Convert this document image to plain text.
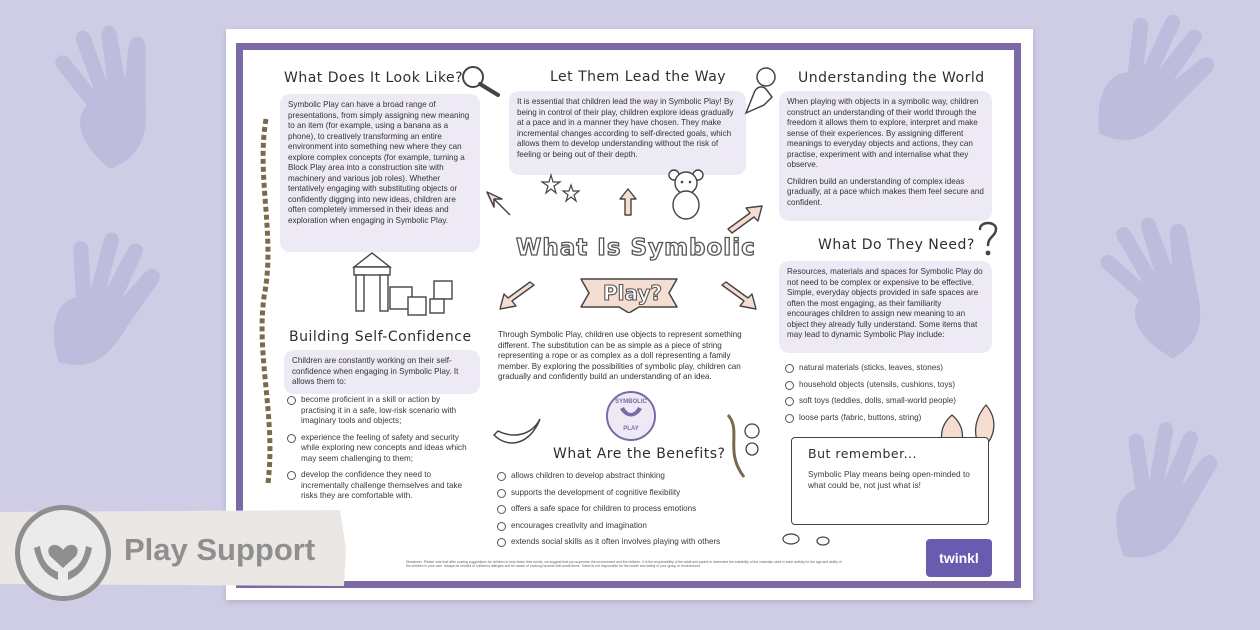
What Does It Look Like?
Symbolic Play can have a broad range of presentations, from simply assigning new meaning to an item (for example, using a banana as a phone), to creatively transforming an entire environment into something new where they can explore complex concepts (for example, turning a Block Play area into a construction site with machinery and various job roles). Whether tentatively engaging with substituting objects or confidently digging into new ideas, children are often completely immersed in their ideas and exploration when engaging in Symbolic Play.
Let Them Lead the Way
It is essential that children lead the way in Symbolic Play! By being in control of their play, children explore ideas gradually at a pace and in a manner they have chosen. They make incremental changes according to self-directed goals, which allows them to develop understanding without the risk of feeling or being out of their depth.
Understanding the World
When playing with objects in a symbolic way, children construct an understanding of their world through the freedom it allows them to explore, interpret and make sense of their experiences. By assigning different meanings to everyday objects and actions, they can practise, experiment with and internalise what they observe.
Children build an understanding of complex ideas gradually, at a pace which makes them feel secure and confident.
What Is Symbolic
Play?
Through Symbolic Play, children use objects to represent something different. The substitution can be as simple as a piece of string representing a rope or as complex as a doll representing a family member. By exploring the possibilities of symbolic play, children can gradually and confidently build an understanding of an idea.
Building Self-Confidence
Children are constantly working on their self-confidence when engaging in Symbolic Play. It allows them to:
become proficient in a skill or action by practising it in a safe, low-risk scenario with imaginary tools and objects;
experience the feeling of safety and security while exploring new concepts and ideas which may seem challenging to them;
develop the confidence they need to incrementally challenge themselves and take risks they are comfortable with.
What Do They Need?
Resources, materials and spaces for Symbolic Play do not need to be complex or expensive to be effective. Simple, everyday objects provided in safe spaces are often the most engaging, as their familiarity encourages children to assign new meaning to an object they already fully understand. Some items that may lead to dynamic Symbolic Play include:
natural materials (sticks, leaves, stones)
household objects (utensils, cushions, toys)
soft toys (teddies, dolls, small-world people)
loose parts (fabric, buttons, string)
SYMBOLIC
PLAY
What Are the Benefits?
allows children to develop abstract thinking
supports the development of cognitive flexibility
offers a safe space for children to process emotions
encourages creativity and imagination
extends social skills as it often involves playing with others
But remember...
Symbolic Play means being open-minded to what could be, not just what is!
Disclaimer: Please note that after posting suggestions for children to help teach their minds, we suggest that you supervise the environment and the children. It is the responsibility of the adult and parent to determine the suitability of the materials used in each activity for the age and ability of the children in your care. Always be mindful of children's allergies and be aware of choking hazards with small items. Twinkl is not responsible for the health and safety of your group or environment.
twinkl
Play Support
